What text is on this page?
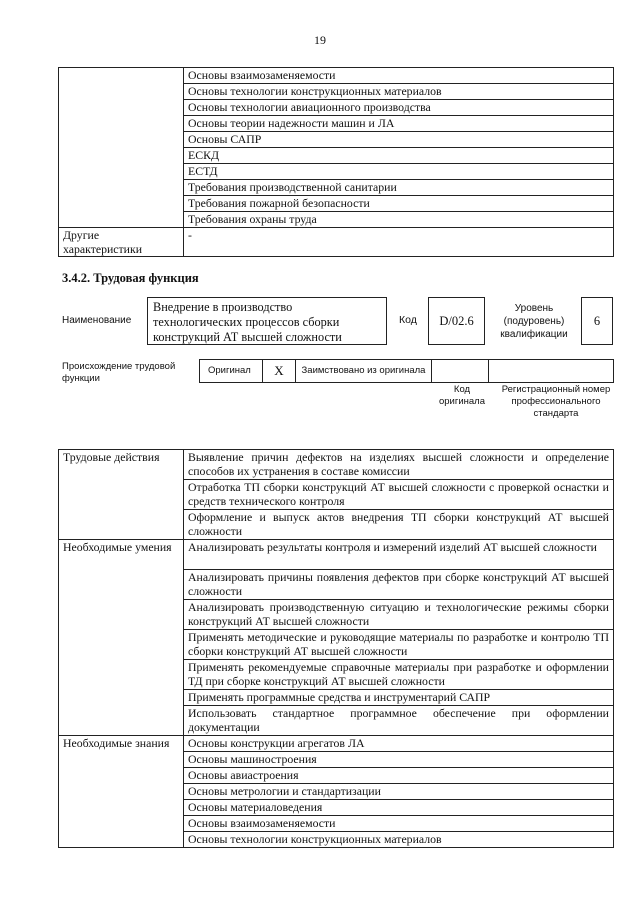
19
	Основы взаимозаменяемости
	Основы технологии конструкционных материалов
	Основы технологии авиационного производства
	Основы теории надежности машин и ЛА
	Основы САПР
	ЕСКД
	ЕСТД
	Требования производственной санитарии
	Требования пожарной безопасности
	Требования охраны труда
Другие характеристики	-
3.4.2. Трудовая функция
Наименование
Внедрение в производство технологических процессов сборки конструкций АТ высшей сложности
Код	D/02.6
Уровень (подуровень) квалификации
6
Происхождение трудовой функции
Оригинал	X	Заимствовано из оригинала		
Код оригинала
Регистрационный номер профессионального стандарта
Трудовые действия	Выявление причин дефектов на изделиях высшей сложности и определение способов их устранения в составе комиссии
	Отработка ТП сборки конструкций АТ высшей сложности с проверкой оснастки и средств технического контроля
	Оформление и выпуск актов внедрения ТП сборки конструкций АТ высшей сложности
Необходимые умения	Анализировать результаты контроля и измерений изделий АТ высшей сложности
	Анализировать причины появления дефектов при сборке конструкций АТ высшей сложности
	Анализировать производственную ситуацию и технологические режимы сборки конструкций АТ высшей сложности
	Применять методические и руководящие материалы по разработке и контролю ТП сборки конструкций АТ высшей сложности
	Применять рекомендуемые справочные материалы при разработке и оформлении ТД при сборке конструкций АТ высшей сложности
	Применять программные средства и инструментарий САПР
	Использовать стандартное программное обеспечение при оформлении документации
Необходимые знания	Основы конструкции агрегатов ЛА
	Основы машиностроения
	Основы авиастроения
	Основы метрологии и стандартизации
	Основы материаловедения
	Основы взаимозаменяемости
	Основы технологии конструкционных материалов
